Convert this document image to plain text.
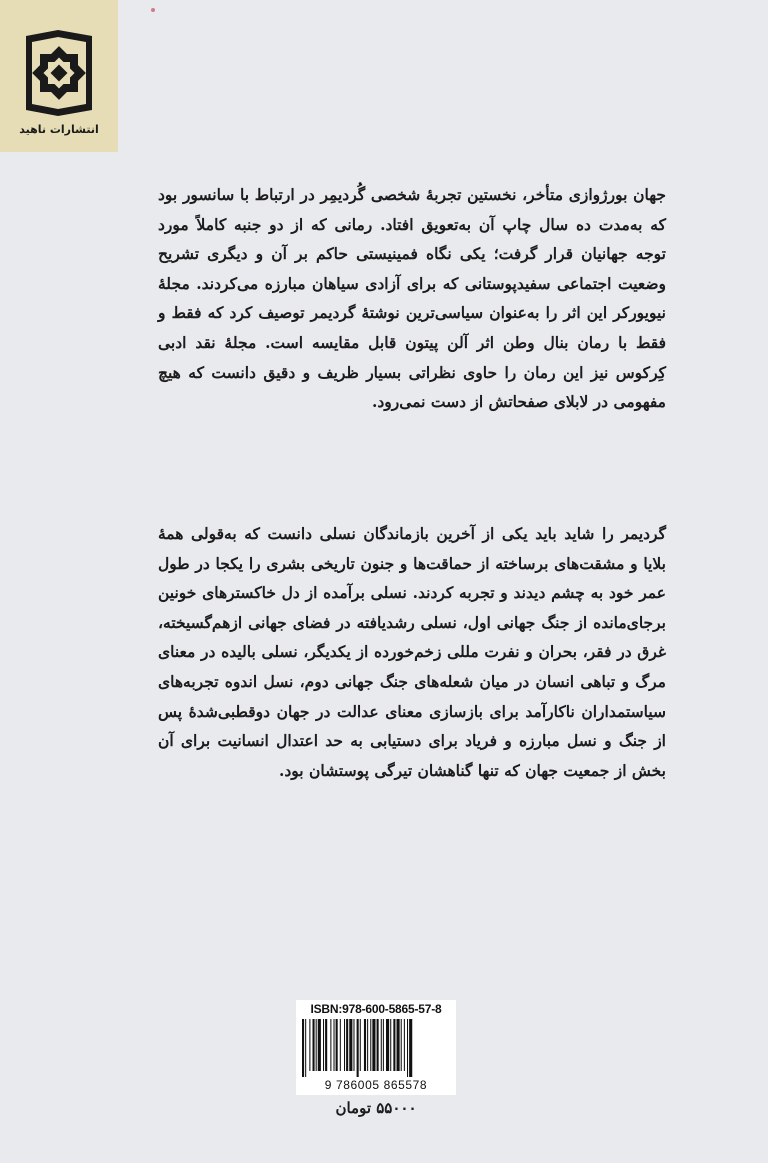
انتشارات ناهید

جهان بورژوازی متأخر، نخستین تجربهٔ شخصی گُردیمِر در ارتباط با سانسور بود که به‌مدت ده سال چاپ آن به‌تعویق افتاد. رمانی که از دو جنبه کاملاً مورد توجه جهانیان قرار گرفت؛ یکی نگاه فمینیستی حاکم بر آن و دیگری تشریح وضعیت اجتماعی سفیدپوستانی که برای آزادی سیاهان مبارزه می‌کردند. مجلهٔ نیویورکر این اثر را به‌عنوان سیاسی‌ترین نوشتهٔ گردیمر توصیف کرد که فقط و فقط با رمان بنال وطن اثر آلن پیتون قابل مقایسه است. مجلهٔ نقد ادبی کِرکوس نیز این رمان را حاوی نظراتی بسیار ظریف و دقیق دانست که هیچ مفهومی در لابلای صفحاتش از دست نمی‌رود.

گردیمر را شاید باید یکی از آخرین بازماندگان نسلی دانست که به‌قولی همهٔ بلایا و مشقت‌های برساخته از حماقت‌ها و جنون تاریخی بشری را یکجا در طول عمر خود به چشم دیدند و تجربه کردند. نسلی برآمده از دل خاکسترهای خونین برجای‌مانده از جنگ جهانی اول، نسلی رشدیافته در فضای جهانی ازهم‌گسیخته، غرق در فقر، بحران و نفرت مللی زخم‌خورده از یکدیگر، نسلی بالیده در معنای مرگ و تباهی انسان در میان شعله‌های جنگ جهانی دوم، نسل اندوه تجربه‌های سیاستمداران ناکارآمد برای بازسازی معنای عدالت در جهان دوقطبی‌شدهٔ پس از جنگ و نسل مبارزه و فریاد برای دستیابی به حد اعتدال انسانیت برای آن بخش از جمعیت جهان که تنها گناهشان تیرگی پوستشان بود.

ISBN:978-600-5865-57-8
9 786005 865578
۵۵۰۰۰ تومان
